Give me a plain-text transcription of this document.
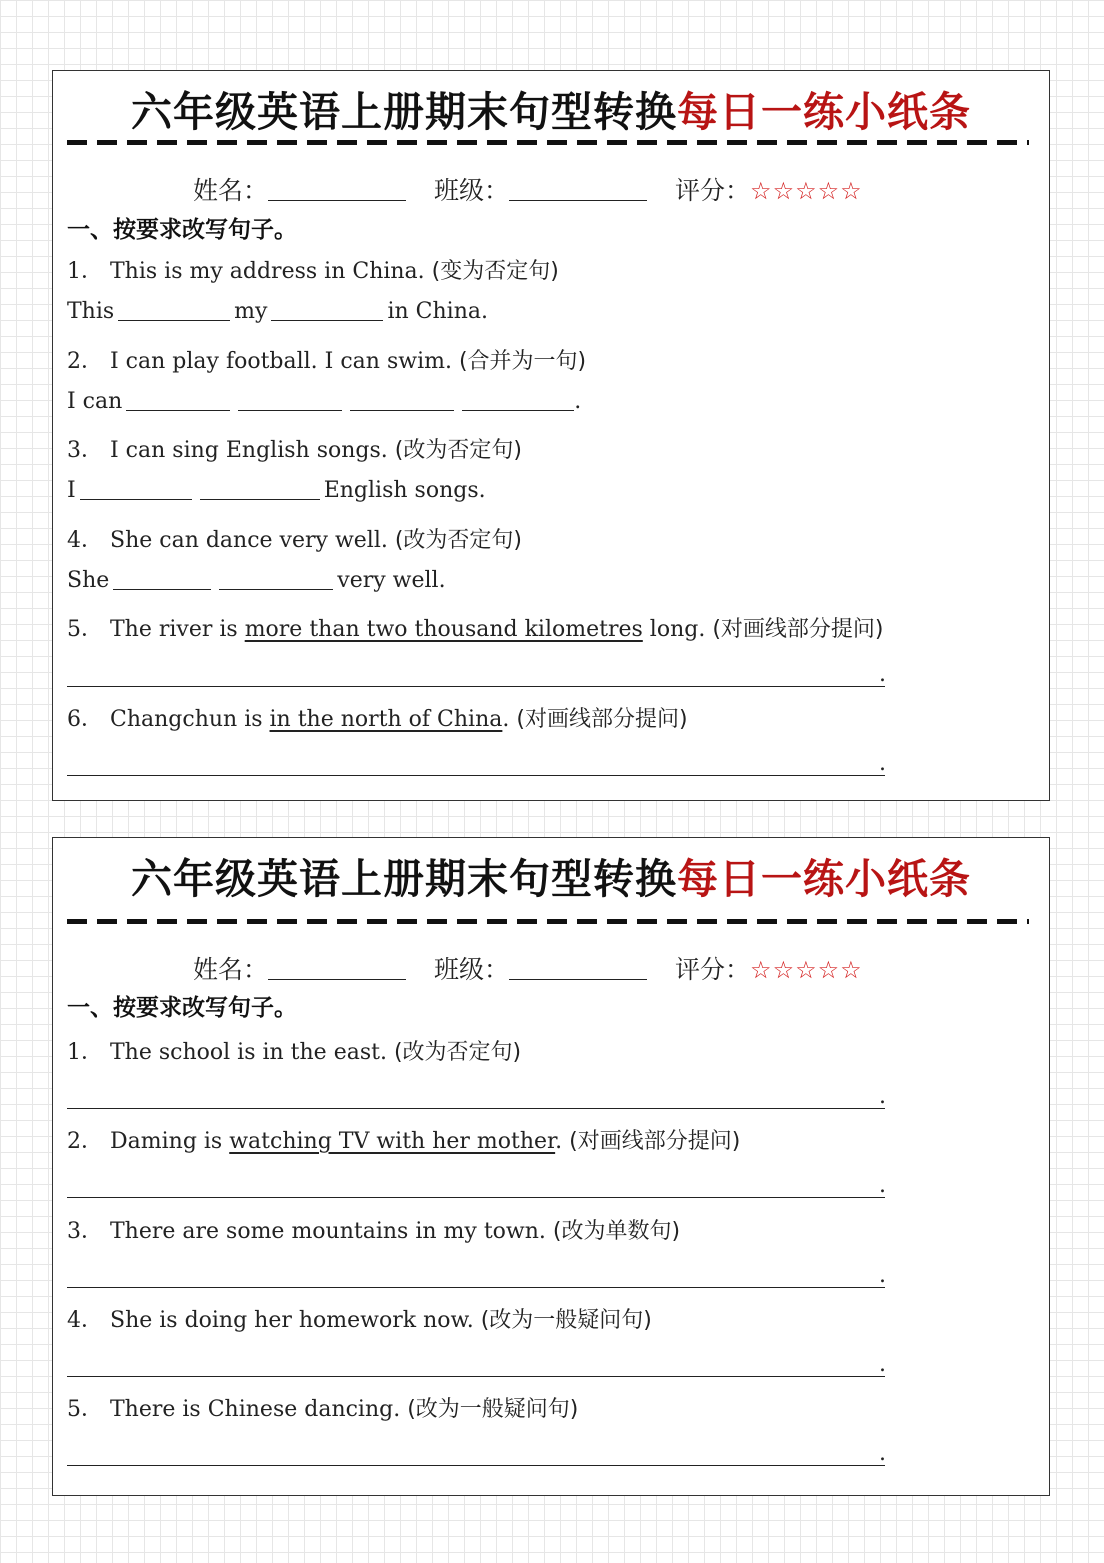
六年级英语上册期末句型转换每日一练小纸条
姓名：	班级：	评分：☆☆☆☆☆
一、按要求改写句子。
1． This is my address in China. (变为否定句)
This	my	in China.
2． I can play football. I can swim. (合并为一句)
I can	.
3． I can sing English songs. (改为否定句)
I	English songs.
4． She can dance very well. (改为否定句)
She	very well.
5． The river is more than two thousand kilometres long. (对画线部分提问)
.
6． Changchun is in the north of China. (对画线部分提问)
.
六年级英语上册期末句型转换每日一练小纸条
姓名：	班级：	评分：☆☆☆☆☆
一、按要求改写句子。
1． The school is in the east. (改为否定句)
.
2． Daming is watching TV with her mother. (对画线部分提问)
.
3． There are some mountains in my town. (改为单数句)
.
4． She is doing her homework now. (改为一般疑问句)
.
5． There is Chinese dancing. (改为一般疑问句)
.
